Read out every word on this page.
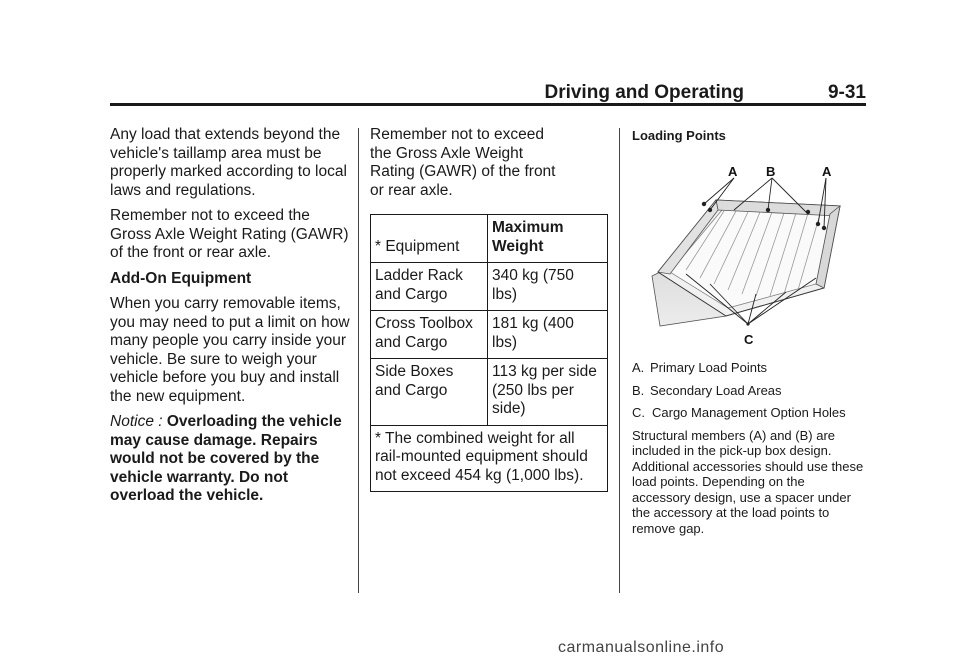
Driving and Operating	9-31

Any load that extends beyond the vehicle's taillamp area must be properly marked according to local laws and regulations.

Remember not to exceed the Gross Axle Weight Rating (GAWR) of the front or rear axle.

Add-On Equipment

When you carry removable items, you may need to put a limit on how many people you carry inside your vehicle. Be sure to weigh your vehicle before you buy and install the new equipment.

Notice : Overloading the vehicle may cause damage. Repairs would not be covered by the vehicle warranty. Do not overload the vehicle.

Remember not to exceed the Gross Axle Weight Rating (GAWR) of the front or rear axle.

* Equipment	Maximum
Weight

Ladder Rack and Cargo	340 kg (750 lbs)
Cross Toolbox and Cargo	181 kg (400 lbs)
Side Boxes and Cargo	113 kg per side (250 lbs per side)
* The combined weight for all rail-mounted equipment should not exceed 454 kg (1,000 lbs).	

Loading Points

A B	A
C

A. Primary Load Points

B. Secondary Load Areas

C. Cargo Management Option Holes

Structural members (A) and (B) are included in the pick-up box design. Additional accessories should use these load points. Depending on the accessory design, use a spacer under the accessory at the load points to remove gap.

carmanualsonline.info
